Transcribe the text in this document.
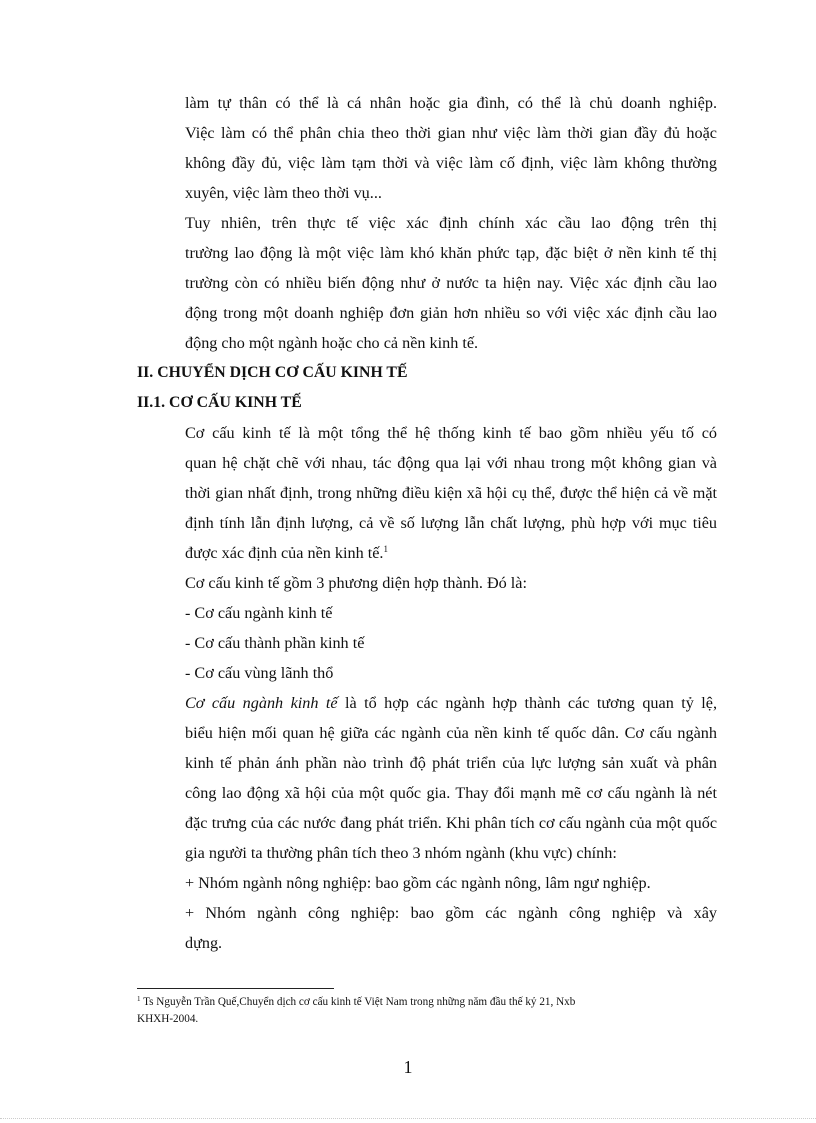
làm tự thân có thể là cá nhân hoặc gia đình, có thể là chủ doanh nghiệp.
Việc làm có thể phân chia theo thời gian như việc làm thời gian đầy đủ hoặc
không đầy đủ, việc làm tạm thời và việc làm cố định, việc làm không thường
xuyên, việc làm theo thời vụ...

Tuy nhiên, trên thực tế việc xác định chính xác cầu lao động trên thị
trường lao động là một việc làm khó khăn phức tạp, đặc biệt ở nền kinh tế thị
trường còn có nhiều biến động như ở nước ta hiện nay. Việc xác định cầu lao
động trong một doanh nghiệp đơn giản hơn nhiều so với việc xác định cầu lao
động cho một ngành hoặc cho cả nền kinh tế.

II. CHUYỂN DỊCH CƠ CẤU KINH TẾ

II.1. CƠ CẤU KINH TẾ

Cơ cấu kinh tế là một tổng thể hệ thống kinh tế bao gồm nhiều yếu tố có
quan hệ chặt chẽ với nhau, tác động qua lại với nhau trong một không gian và
thời gian nhất định, trong những điều kiện xã hội cụ thể, được thể hiện cả về mặt
định tính lẫn định lượng, cả về số lượng lẫn chất lượng, phù hợp với mục tiêu
được xác định của nền kinh tế.$^1$

Cơ cấu kinh tế gồm 3 phương diện hợp thành. Đó là:

- Cơ cấu ngành kinh tế

- Cơ cấu thành phần kinh tế

- Cơ cấu vùng lãnh thổ

Cơ cấu ngành kinh tế là tổ hợp các ngành hợp thành các tương quan tỷ lệ,
biểu hiện mối quan hệ giữa các ngành của nền kinh tế quốc dân. Cơ cấu ngành
kinh tế phản ánh phần nào trình độ phát triển của lực lượng sản xuất và phân
công lao động xã hội của một quốc gia. Thay đổi mạnh mẽ cơ cấu ngành là nét
đặc trưng của các nước đang phát triển. Khi phân tích cơ cấu ngành của một quốc
gia người ta thường phân tích theo 3 nhóm ngành (khu vực) chính:

+ Nhóm ngành nông nghiệp: bao gồm các ngành nông, lâm ngư nghiệp.

+ Nhóm ngành công nghiệp: bao gồm các ngành công nghiệp và xây
dựng.

$^1$ Ts Nguyễn Trần Quế,Chuyển dịch cơ cấu kinh tế Việt Nam trong những năm đầu thế kỷ 21, Nxb
KHXH-2004.
1
